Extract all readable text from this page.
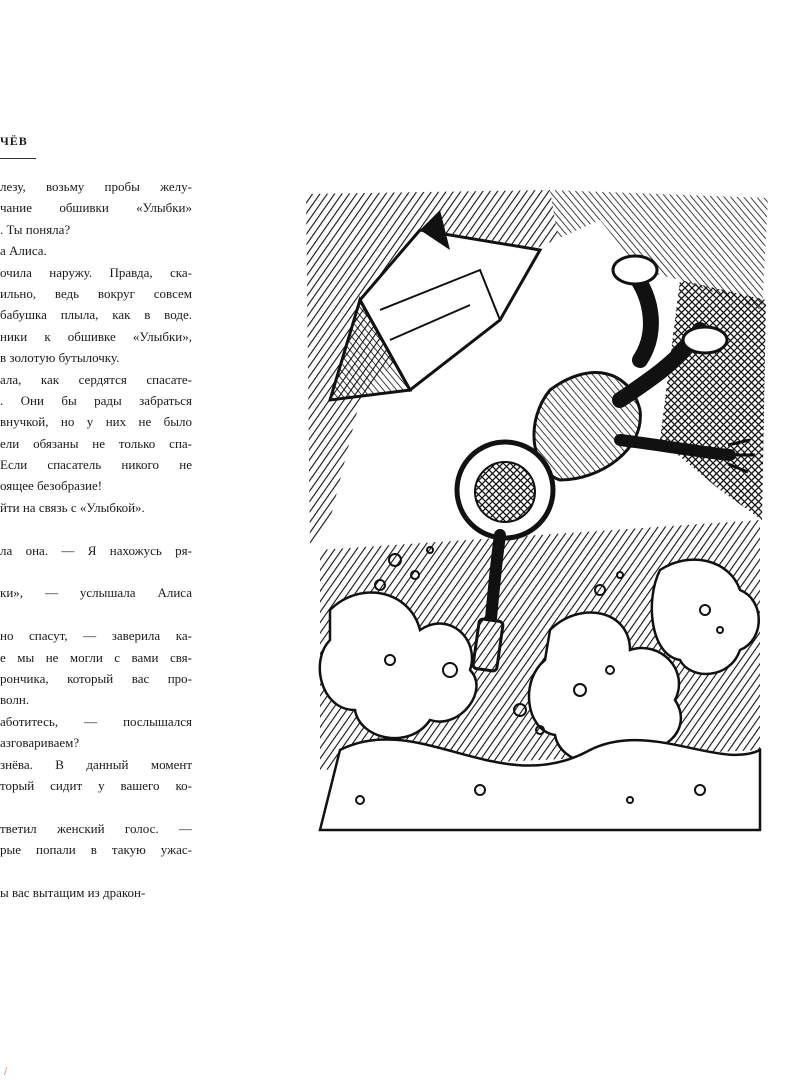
ЧЁВ
лезу, возьму пробы желу-
чание обшивки «Улыбки»
. Ты поняла?
а Алиса.
очила наружу. Правда, ска-
ильно, ведь вокруг совсем
бабушка плыла, как в воде.
ники к обшивке «Улыбки»,
в золотую бутылочку.
ала, как сердятся спасате-
. Они бы рады забраться
внучкой, но у них не было
ели обязаны не только спа-
Если спасатель никого не
оящее безобразие!
йти на связь с «Улыбкой».
ла она. — Я нахожусь ря-
ки», — услышала Алиса
но спасут, — заверила ка-
е мы не могли с вами свя-
рончика, который вас про-
волн.
аботитесь, — послышался
азговариваем?
знёва. В данный момент
торый сидит у вашего ко-
тветил женский голос. —
рые попали в такую ужас-
ы вас вытащим из дракон-
/
